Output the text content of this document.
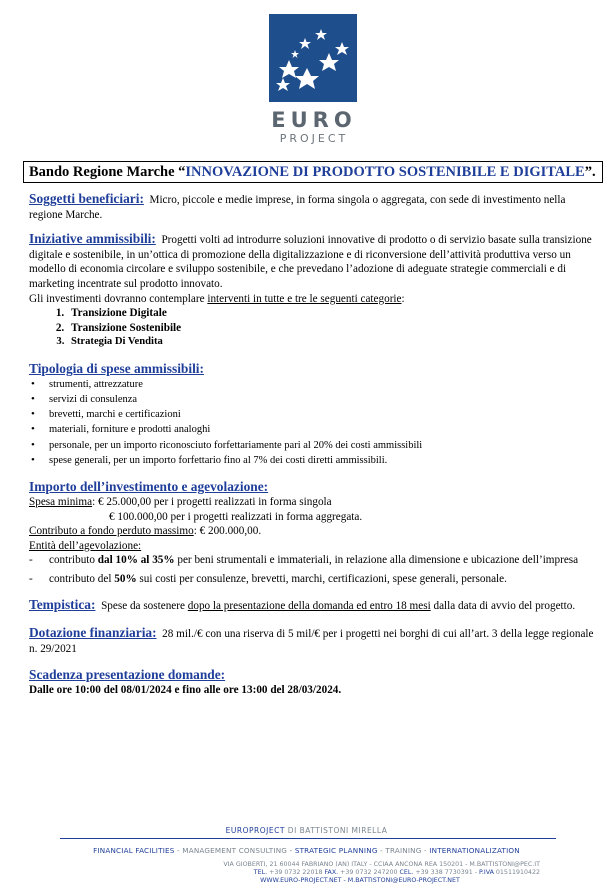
EURO
PROJECT
Bando Regione Marche “INNOVAZIONE DI PRODOTTO SOSTENIBILE E DIGITALE”.
Soggetti beneficiari: Micro, piccole e medie imprese, in forma singola o aggregata, con sede di investimento nella regione Marche.
Iniziative ammissibili: Progetti volti ad introdurre soluzioni innovative di prodotto o di servizio basate sulla transizione digitale e sostenibile, in un’ottica di promozione della digitalizzazione e di riconversione dell’attività produttiva verso un modello di economia circolare e sviluppo sostenibile, e che prevedano l’adozione di adeguate strategie commerciali e di marketing incentrate sul prodotto innovato.
Gli investimenti dovranno contemplare interventi in tutte e tre le seguenti categorie:
1. Transizione Digitale
2. Transizione Sostenibile
3. Strategia Di Vendita
Tipologia di spese ammissibili:
• strumenti, attrezzature
• servizi di consulenza
• brevetti, marchi e certificazioni
• materiali, forniture e prodotti analoghi
• personale, per un importo riconosciuto forfettariamente pari al 20% dei costi ammissibili
• spese generali, per un importo forfettario fino al 7% dei costi diretti ammissibili.
Importo dell’investimento e agevolazione:
Spesa minima: € 25.000,00 per i progetti realizzati in forma singola
€ 100.000,00 per i progetti realizzati in forma aggregata.
Contributo a fondo perduto massimo: € 200.000,00.
Entità dell’agevolazione:
- contributo dal 10% al 35% per beni strumentali e immateriali, in relazione alla dimensione e ubicazione dell’impresa
- contributo del 50% sui costi per consulenze, brevetti, marchi, certificazioni, spese generali, personale.
Tempistica: Spese da sostenere dopo la presentazione della domanda ed entro 18 mesi dalla data di avvio del progetto.
Dotazione finanziaria: 28 mil./€ con una riserva di 5 mil/€ per i progetti nei borghi di cui all’art. 3 della legge regionale n. 29/2021
Scadenza presentazione domande:
Dalle ore 10:00 del 08/01/2024 e fino alle ore 13:00 del 28/03/2024.
EUROPROJECT DI BATTISTONI MIRELLA
FINANCIAL FACILITIES - MANAGEMENT CONSULTING - STRATEGIC PLANNING - TRAINING - INTERNATIONALIZATION
VIA GIOBERTI, 21 60044 FABRIANO (AN) ITALY - CCIAA ANCONA REA 150201 - M.BATTISTONI@PEC.IT
TEL. +39 0732 22018 FAX. +39 0732 247200 CEL. +39 338 7730391 - P.IVA 01511910422
WWW.EURO-PROJECT.NET - M.BATTISTONI@EURO-PROJECT.NET
